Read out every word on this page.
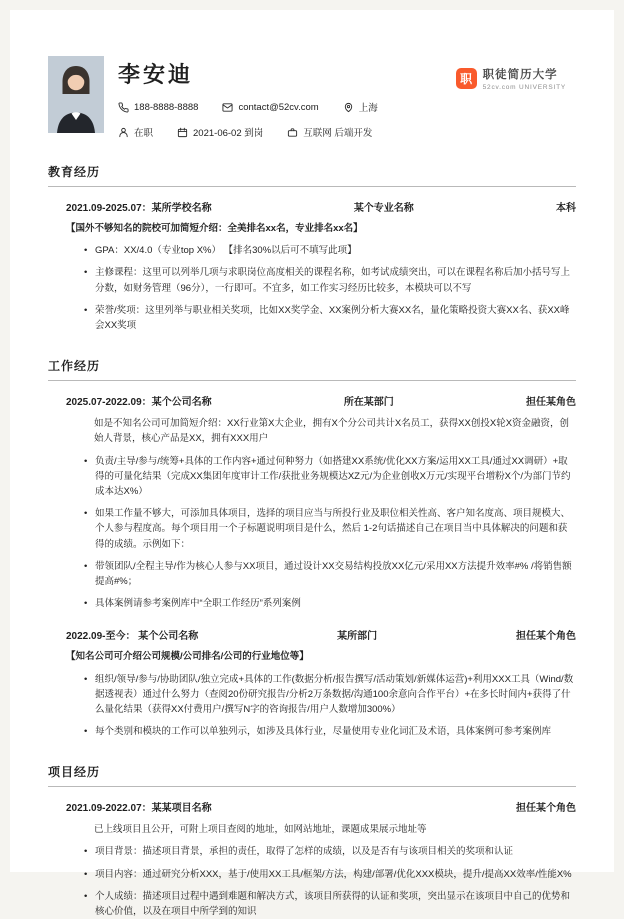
李安迪
188-8888-8888	contact@52cv.com	上海
在职	2021-06-02 到岗	互联网 后端开发
职 职徒简历大学
52cv.com UNIVERSITY
教育经历
2021.09-2025.07：某所学校名称	某个专业名称	本科
【国外不够知名的院校可加简短介绍：全美排名xx名，专业排名xx名】
• GPA：XX/4.0（专业top X%） 【排名30%以后可不填写此项】
• 主修课程：这里可以列举几项与求职岗位高度相关的课程名称，如考试成绩突出，可以在课程名称后加小括号写上分数，如财务管理（96分），一行即可。不宜多，如工作实习经历比较多，本模块可以不写
• 荣誉/奖项：这里列举与职业相关奖项，比如XX奖学金、XX案例分析大赛XX名，量化策略投资大赛XX名、获XX峰会XX奖项
工作经历
2025.07-2022.09：某个公司名称	所在某部门	担任某角色
如是不知名公司可加简短介绍：XX行业第X大企业，拥有X个分公司共计X名员工，获得XX创投X轮X资金融资，创始人背景，核心产品是XX，拥有XXX用户
• 负责/主导/参与/统筹+具体的工作内容+通过何种努力（如搭建XX系统/优化XX方案/运用XX工具/通过XX调研）+取得的可量化结果（完成XX集团年度审计工作/获批业务规模达XZ元/为企业创收X万元/实现平台增粉X个/为部门节约成本达X%）
• 如果工作量不够大，可添加具体项目，选择的项目应当与所投行业及职位相关性高、客户知名度高、项目规模大、个人参与程度高。每个项目用一个子标题说明项目是什么，然后 1-2句话描述自己在项目当中具体解决的问题和获得的成绩。示例如下：
• 带领团队/全程主导/作为核心人参与XX项目，通过设计XX交易结构投放XX亿元/采用XX方法提升效率#% /将销售额提高#%；
• 具体案例请参考案例库中“全职工作经历”系列案例
2022.09-至今： 某个公司名称	某所部门	担任某个角色
【知名公司可介绍公司规模/公司排名/公司的行业地位等】
• 组织/领导/参与/协助团队/独立完成+具体的工作(数据分析/报告撰写/活动策划/新媒体运营)+利用XXX工具（Wind/数据透视表）通过什么努力（查阅20份研究报告/分析2万条数据/沟通100余意向合作平台）+在多长时间内+获得了什么量化结果（获得XX付费用户/撰写N字的咨询报告/用户人数增加300%）
• 每个类别和模块的工作可以单独列示，如涉及具体行业，尽量使用专业化词汇及术语，具体案例可参考案例库
项目经历
2021.09-2022.07：某某项目名称	担任某个角色
已上线项目且公开，可附上项目查阅的地址，如网站地址，课题成果展示地址等
• 项目背景：描述项目背景，承担的责任，取得了怎样的成绩，以及是否有与该项目相关的奖项和认证
• 项目内容：通过研究分析XXX，基于/使用XX工具/框架/方法，构建/部署/优化XXX模块，提升/提高XX效率/性能X%
• 个人成绩：描述项目过程中遇到难题和解决方式，该项目所获得的认证和奖项，突出显示在该项目中自己的优势和核心价值，以及在项目中所学到的知识
